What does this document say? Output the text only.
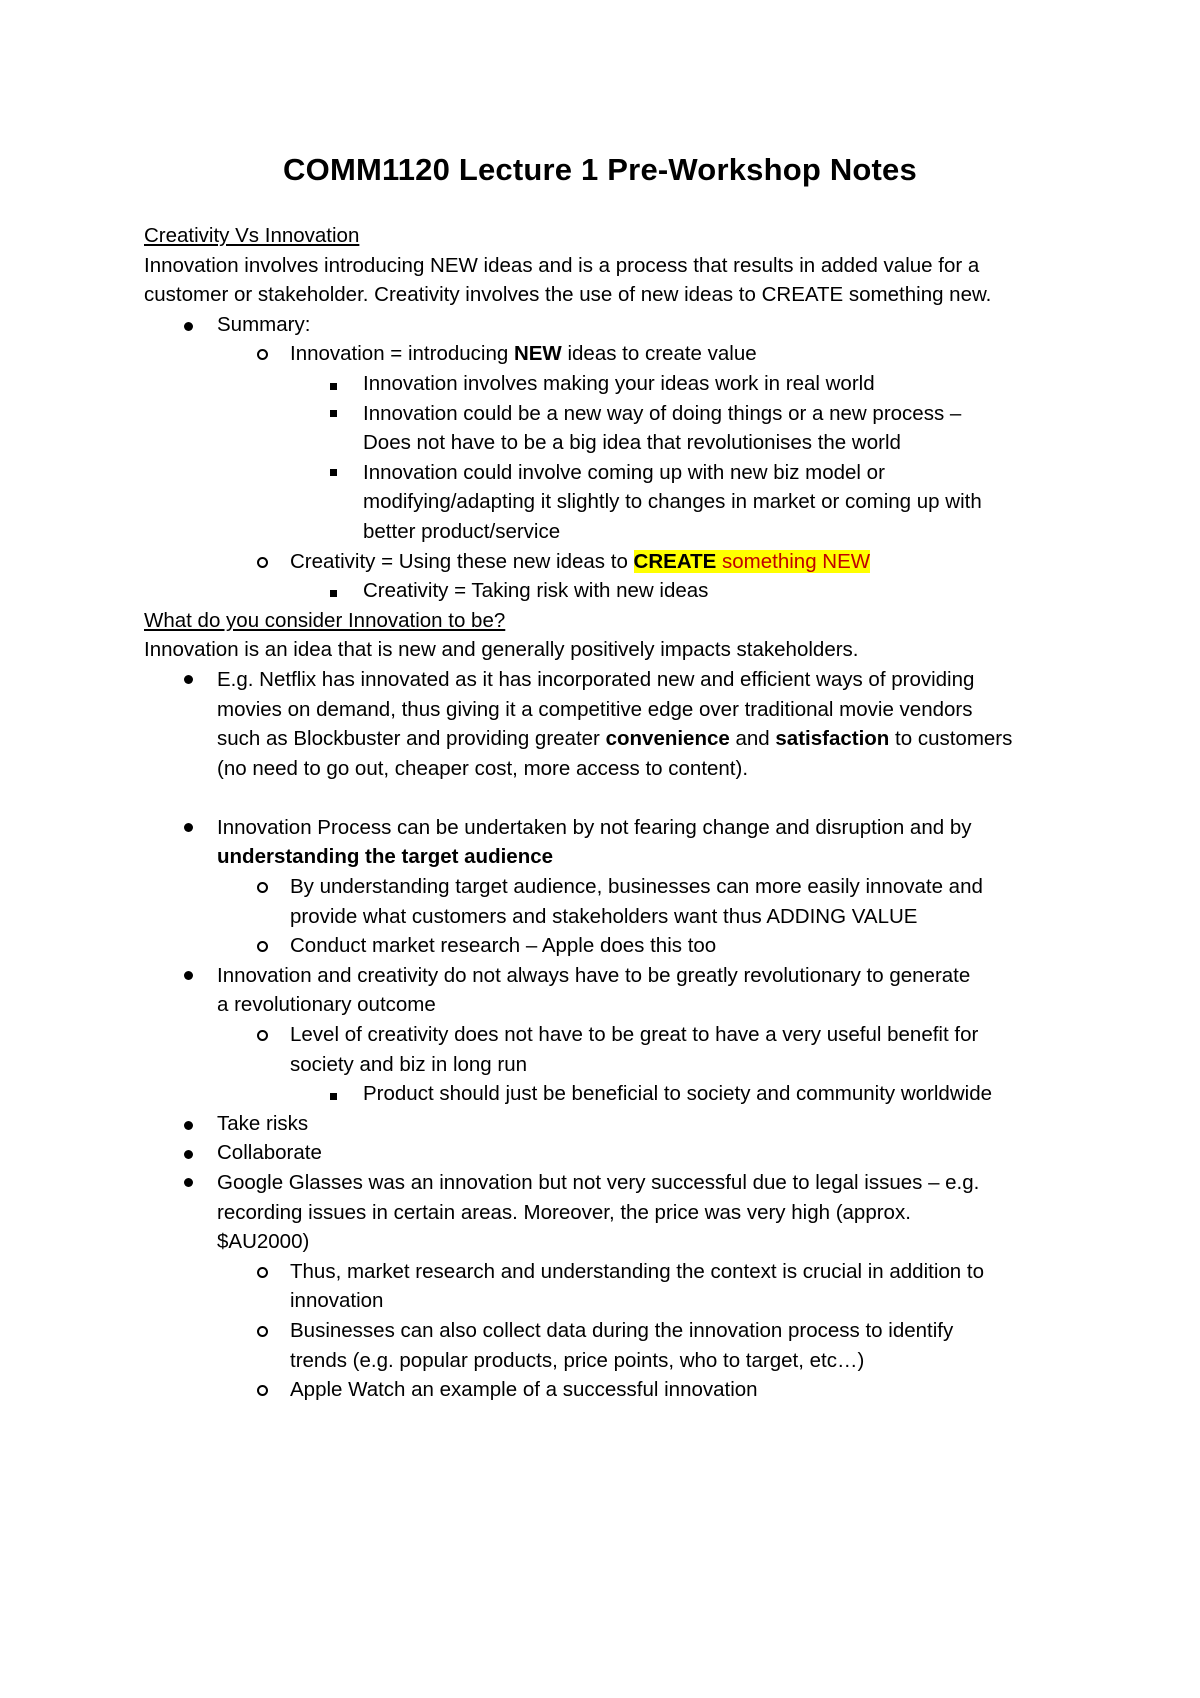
COMM1120 Lecture 1 Pre-Workshop Notes

Creativity Vs Innovation

Innovation involves introducing NEW ideas and is a process that results in added value for a

customer or stakeholder. Creativity involves the use of new ideas to CREATE something new.

Summary:
Innovation = introducing NEW ideas to create value
Innovation involves making your ideas work in real world

Innovation could be a new way of doing things or a new process –

Does not have to be a big idea that revolutionises the world

Innovation could involve coming up with new biz model or

modifying/adapting it slightly to changes in market or coming up with

better product/service

Creativity = Using these new ideas to CREATE something NEW
Creativity = Taking risk with new ideas

What do you consider Innovation to be?

Innovation is an idea that is new and generally positively impacts stakeholders.

E.g. Netflix has innovated as it has incorporated new and efficient ways of providing

movies on demand, thus giving it a competitive edge over traditional movie vendors

such as Blockbuster and providing greater convenience and satisfaction to customers

(no need to go out, cheaper cost, more access to content).

Innovation Process can be undertaken by not fearing change and disruption and by

understanding the target audience

By understanding target audience, businesses can more easily innovate and

provide what customers and stakeholders want thus ADDING VALUE

Conduct market research – Apple does this too

Innovation and creativity do not always have to be greatly revolutionary to generate

a revolutionary outcome

Level of creativity does not have to be great to have a very useful benefit for

society and biz in long run

Product should just be beneficial to society and community worldwide
Take risks
Collaborate

Google Glasses was an innovation but not very successful due to legal issues – e.g.

recording issues in certain areas. Moreover, the price was very high (approx.

$AU2000)

Thus, market research and understanding the context is crucial in addition to

innovation

Businesses can also collect data during the innovation process to identify

trends (e.g. popular products, price points, who to target, etc…)

Apple Watch an example of a successful innovation
